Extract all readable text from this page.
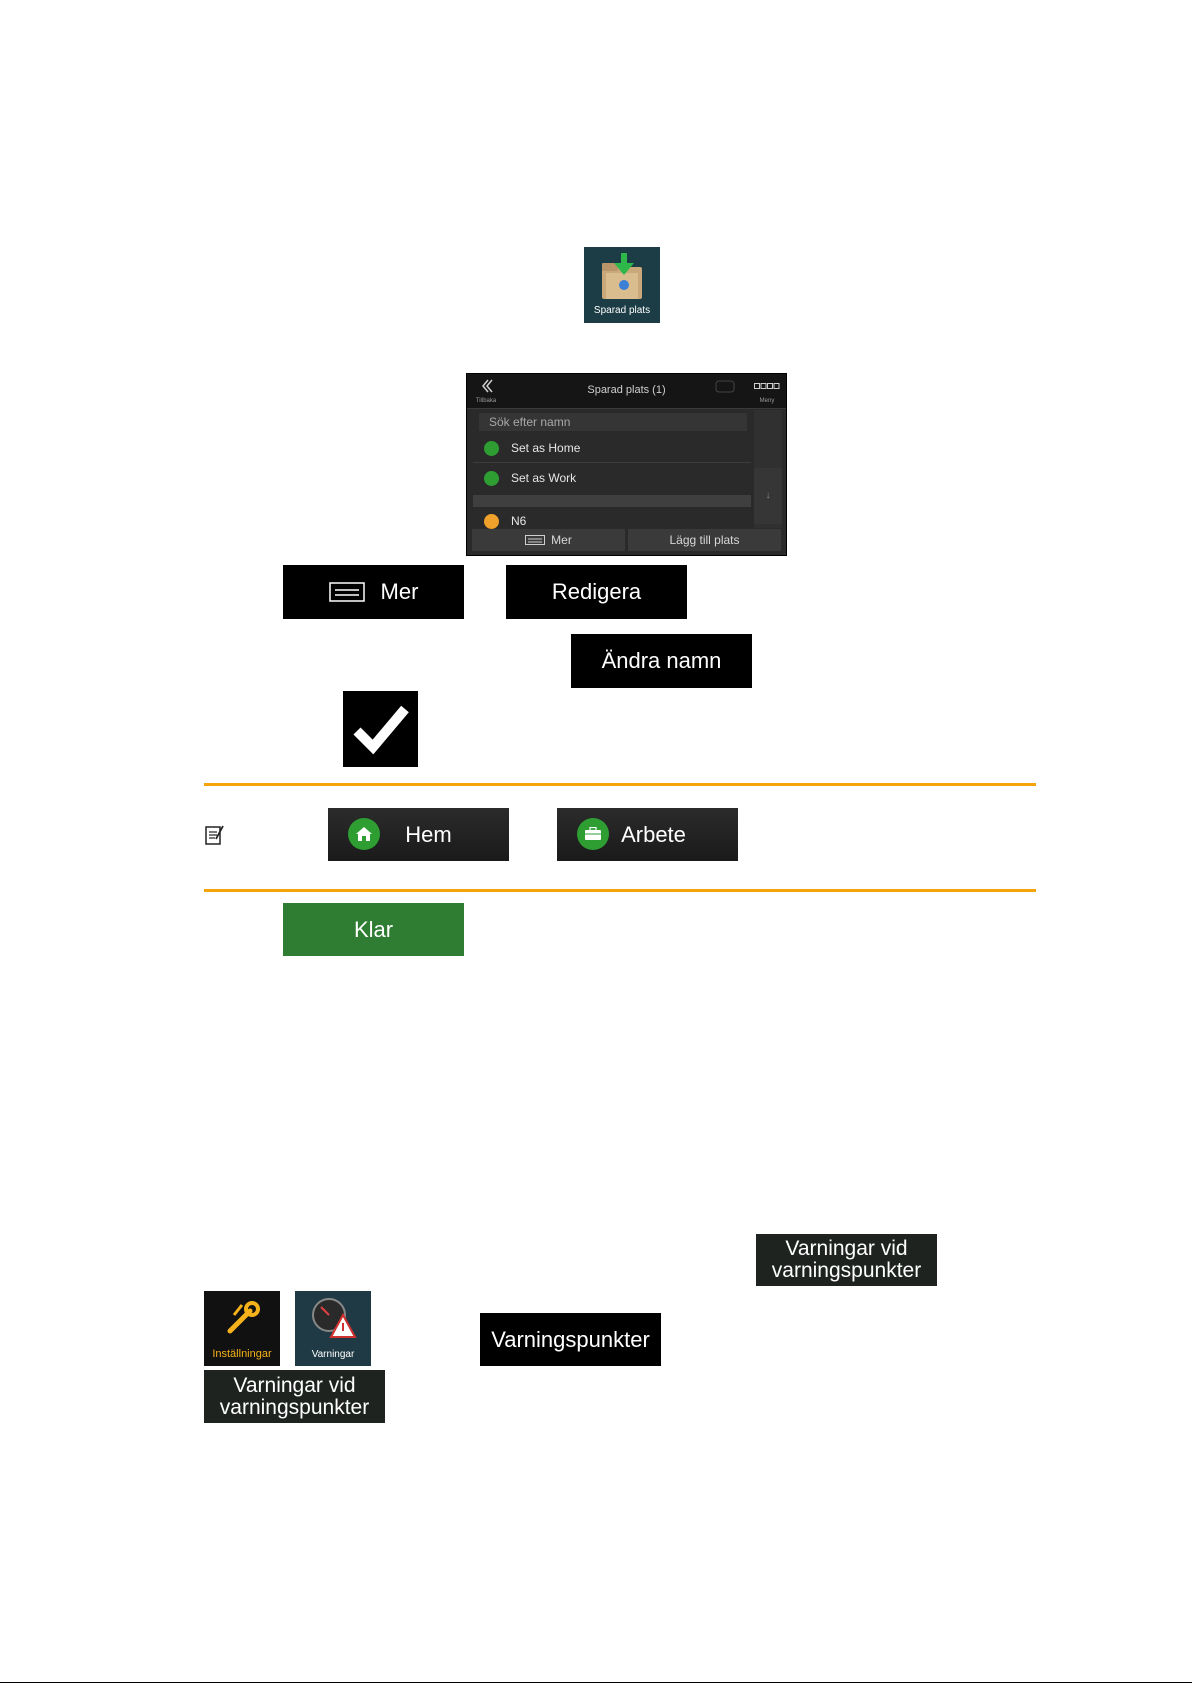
Sparad plats
Tillbaka
Sparad plats (1)
Meny
Sök efter namn
Set as Home
Set as Work
N6
↓
Mer	Lägg till plats
Mer	Redigera
Ändra namn
Hem	Arbete
Klar
Varningar vid
varningspunkter
Inställningar	Varningar
Varningspunkter
Varningar vid
varningspunkter
